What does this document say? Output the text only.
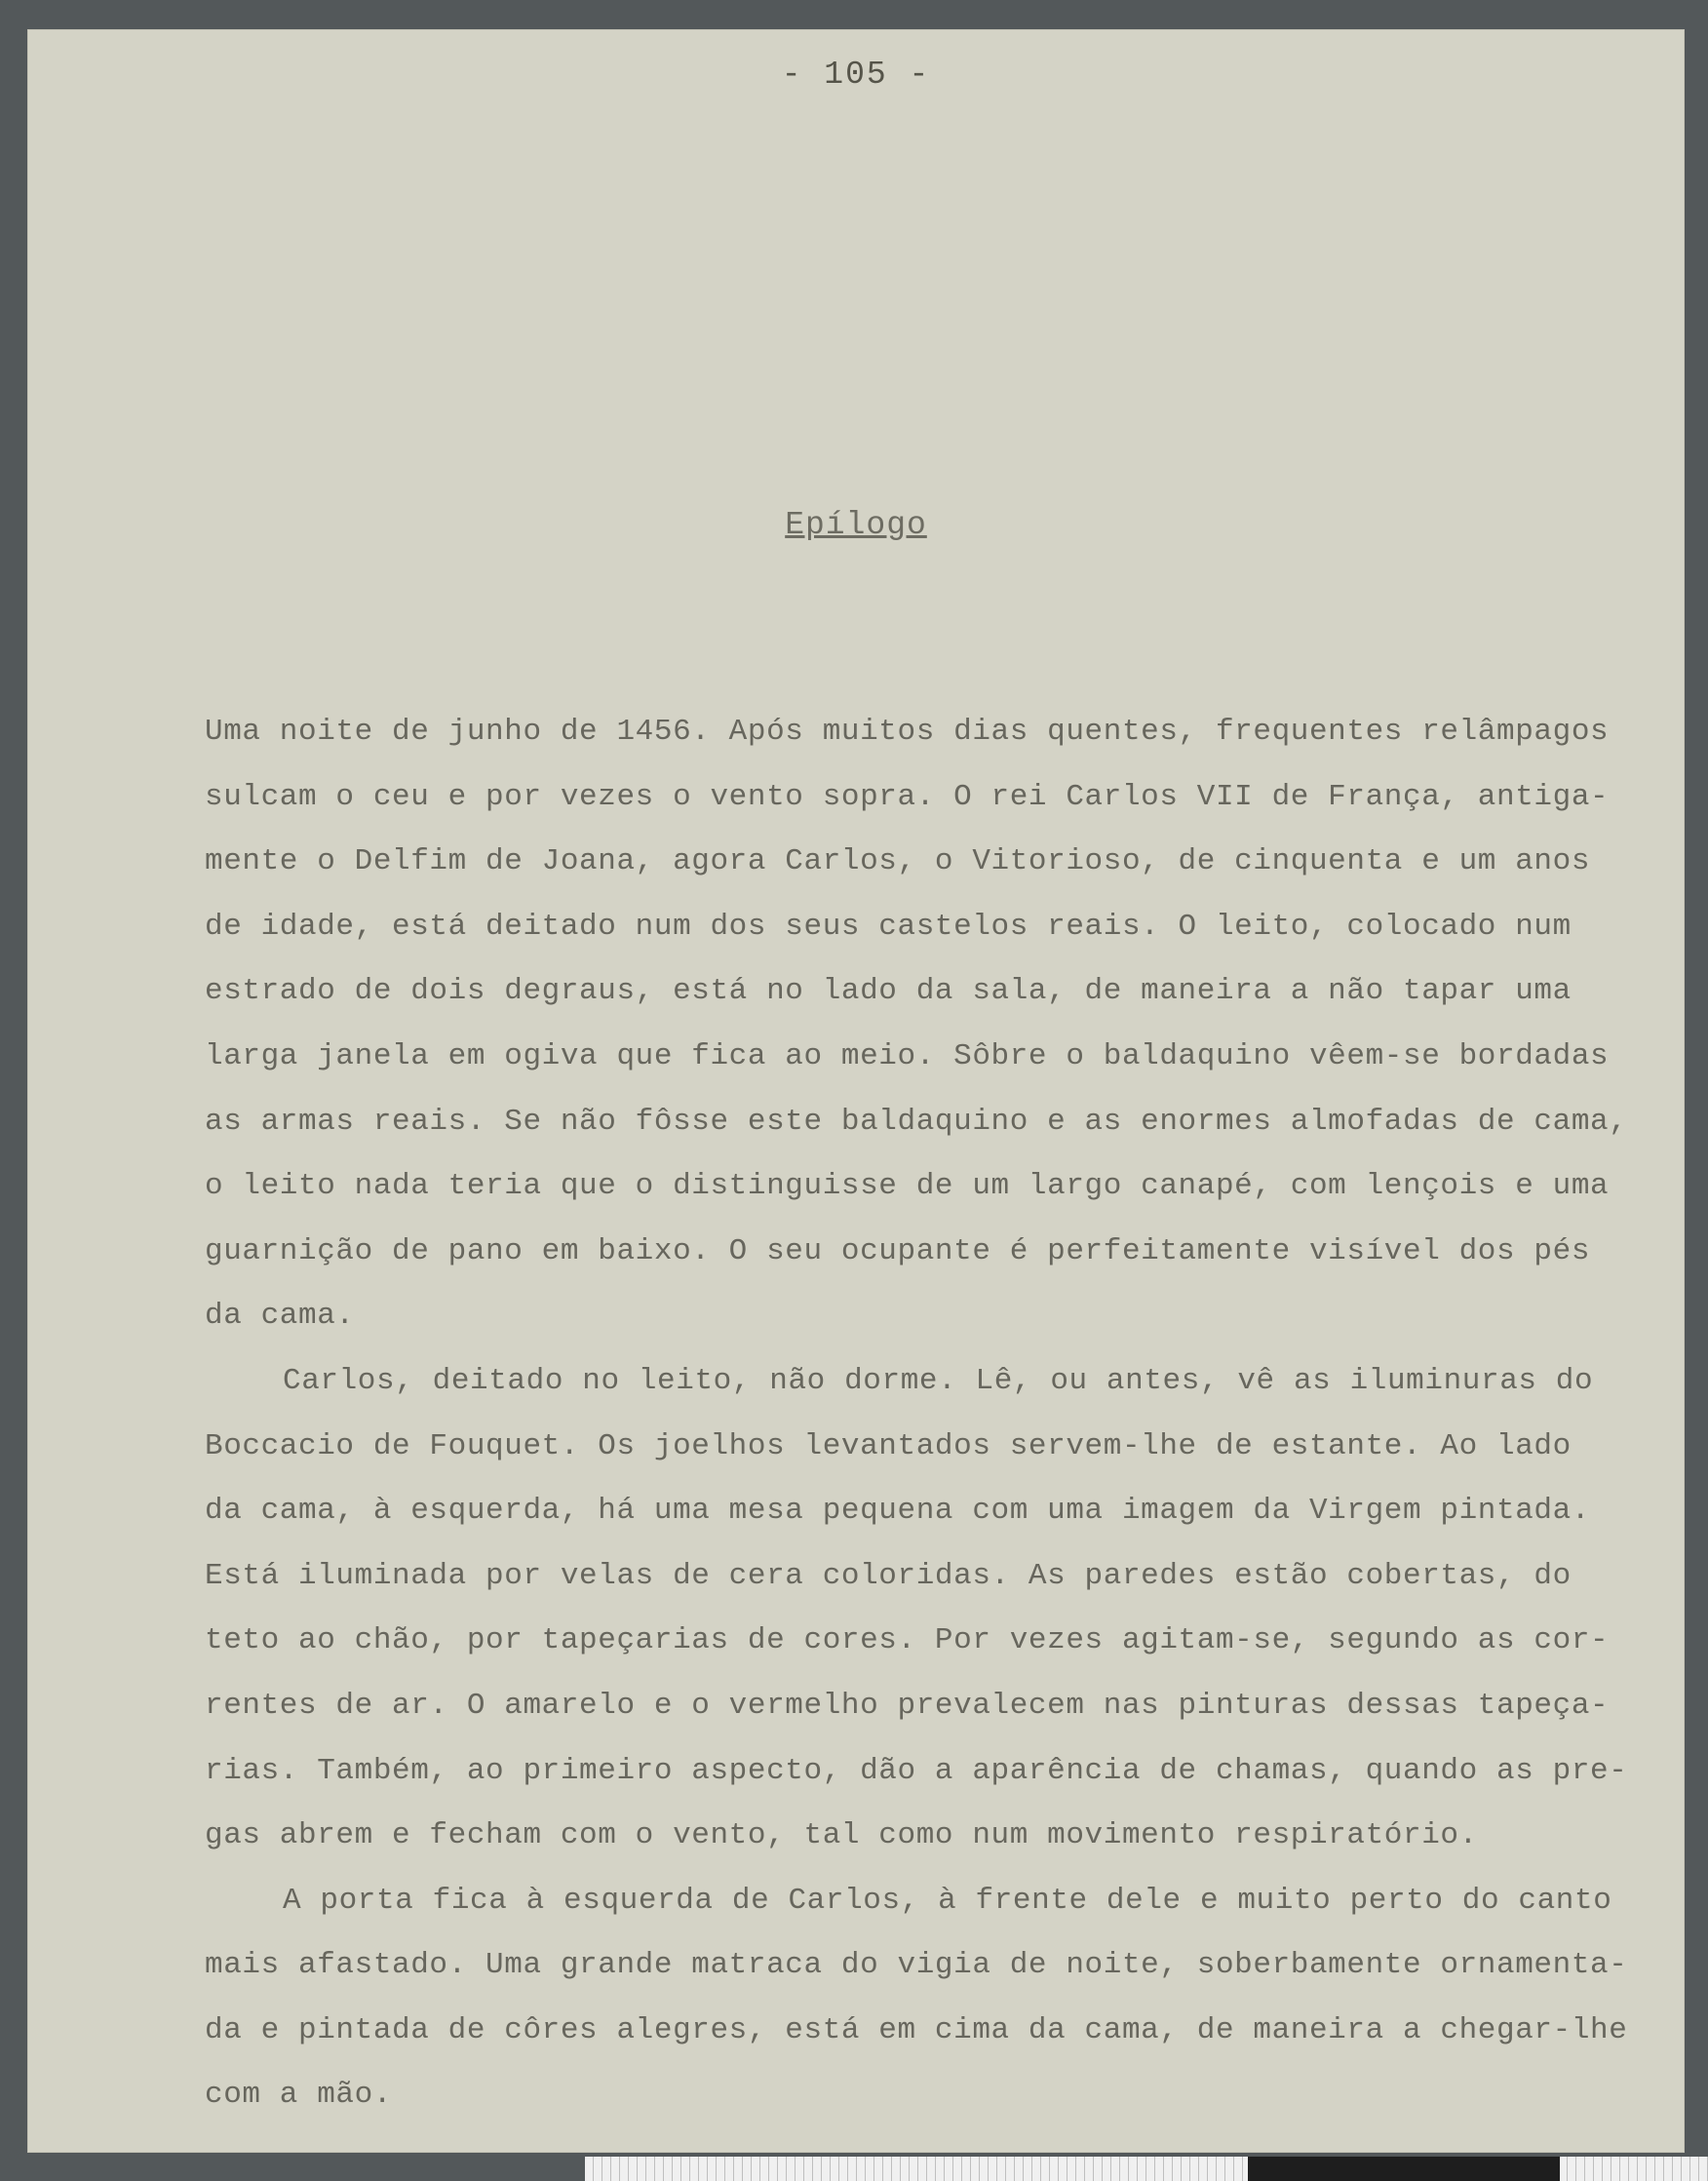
- 105 -
Epílogo
Uma noite de junho de 1456. Após muitos dias quentes, frequentes relâmpagos
sulcam o ceu e por vezes o vento sopra. O rei Carlos VII de França, antiga-
mente o Delfim de Joana, agora Carlos, o Vitorioso, de cinquenta e um anos
de idade, está deitado num dos seus castelos reais. O leito, colocado num
estrado de dois degraus, está no lado da sala, de maneira a não tapar uma
larga janela em ogiva que fica ao meio. Sôbre o baldaquino vêem-se bordadas
as armas reais. Se não fôsse este baldaquino e as enormes almofadas de cama,
o leito nada teria que o distinguisse de um largo canapé, com lençois e uma
guarnição de pano em baixo. O seu ocupante é perfeitamente visível dos pés
da cama.
Carlos, deitado no leito, não dorme. Lê, ou antes, vê as iluminuras do
Boccacio de Fouquet. Os joelhos levantados servem-lhe de estante. Ao lado
da cama, à esquerda, há uma mesa pequena com uma imagem da Virgem pintada.
Está iluminada por velas de cera coloridas. As paredes estão cobertas, do
teto ao chão, por tapeçarias de cores. Por vezes agitam-se, segundo as cor-
rentes de ar. O amarelo e o vermelho prevalecem nas pinturas dessas tapeça-
rias. Também, ao primeiro aspecto, dão a aparência de chamas, quando as pre-
gas abrem e fecham com o vento, tal como num movimento respiratório.
A porta fica à esquerda de Carlos, à frente dele e muito perto do canto
mais afastado. Uma grande matraca do vigia de noite, soberbamente ornamenta-
da e pintada de côres alegres, está em cima da cama, de maneira a chegar-lhe
com a mão.
